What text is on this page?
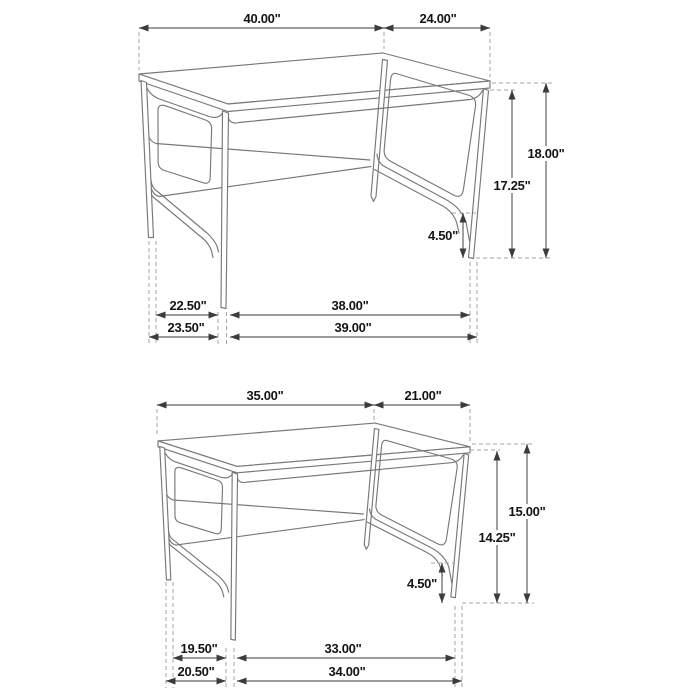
40.00"	24.00"
18.00"
17.25"
4.50"
22.50"	38.00"
23.50"	39.00"
35.00"	21.00"
15.00"
14.25"
4.50"
19.50"	33.00"
20.50"	34.00"
